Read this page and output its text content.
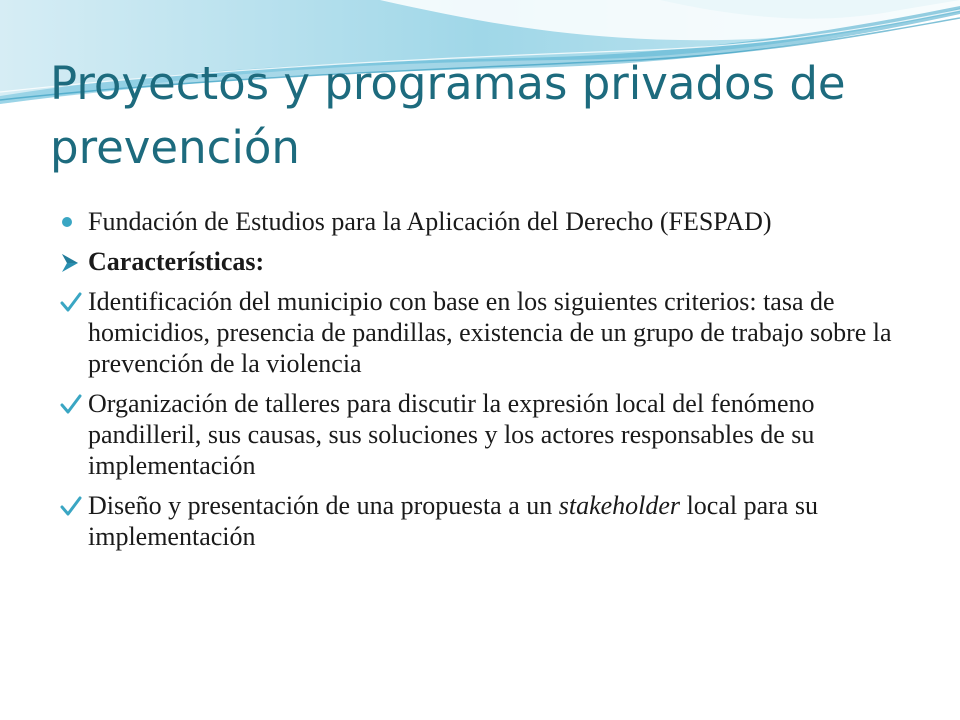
Proyectos y programas privados de prevención
Fundación de Estudios para la Aplicación del Derecho (FESPAD)
Características:
Identificación del municipio con base en los siguientes criterios: tasa de homicidios, presencia de pandillas, existencia de un grupo de trabajo sobre la prevención de la violencia
Organización de talleres para discutir la expresión local del fenómeno pandilleril, sus causas, sus soluciones y los actores responsables de su implementación
Diseño y presentación de una propuesta a un stakeholder local para su implementación
